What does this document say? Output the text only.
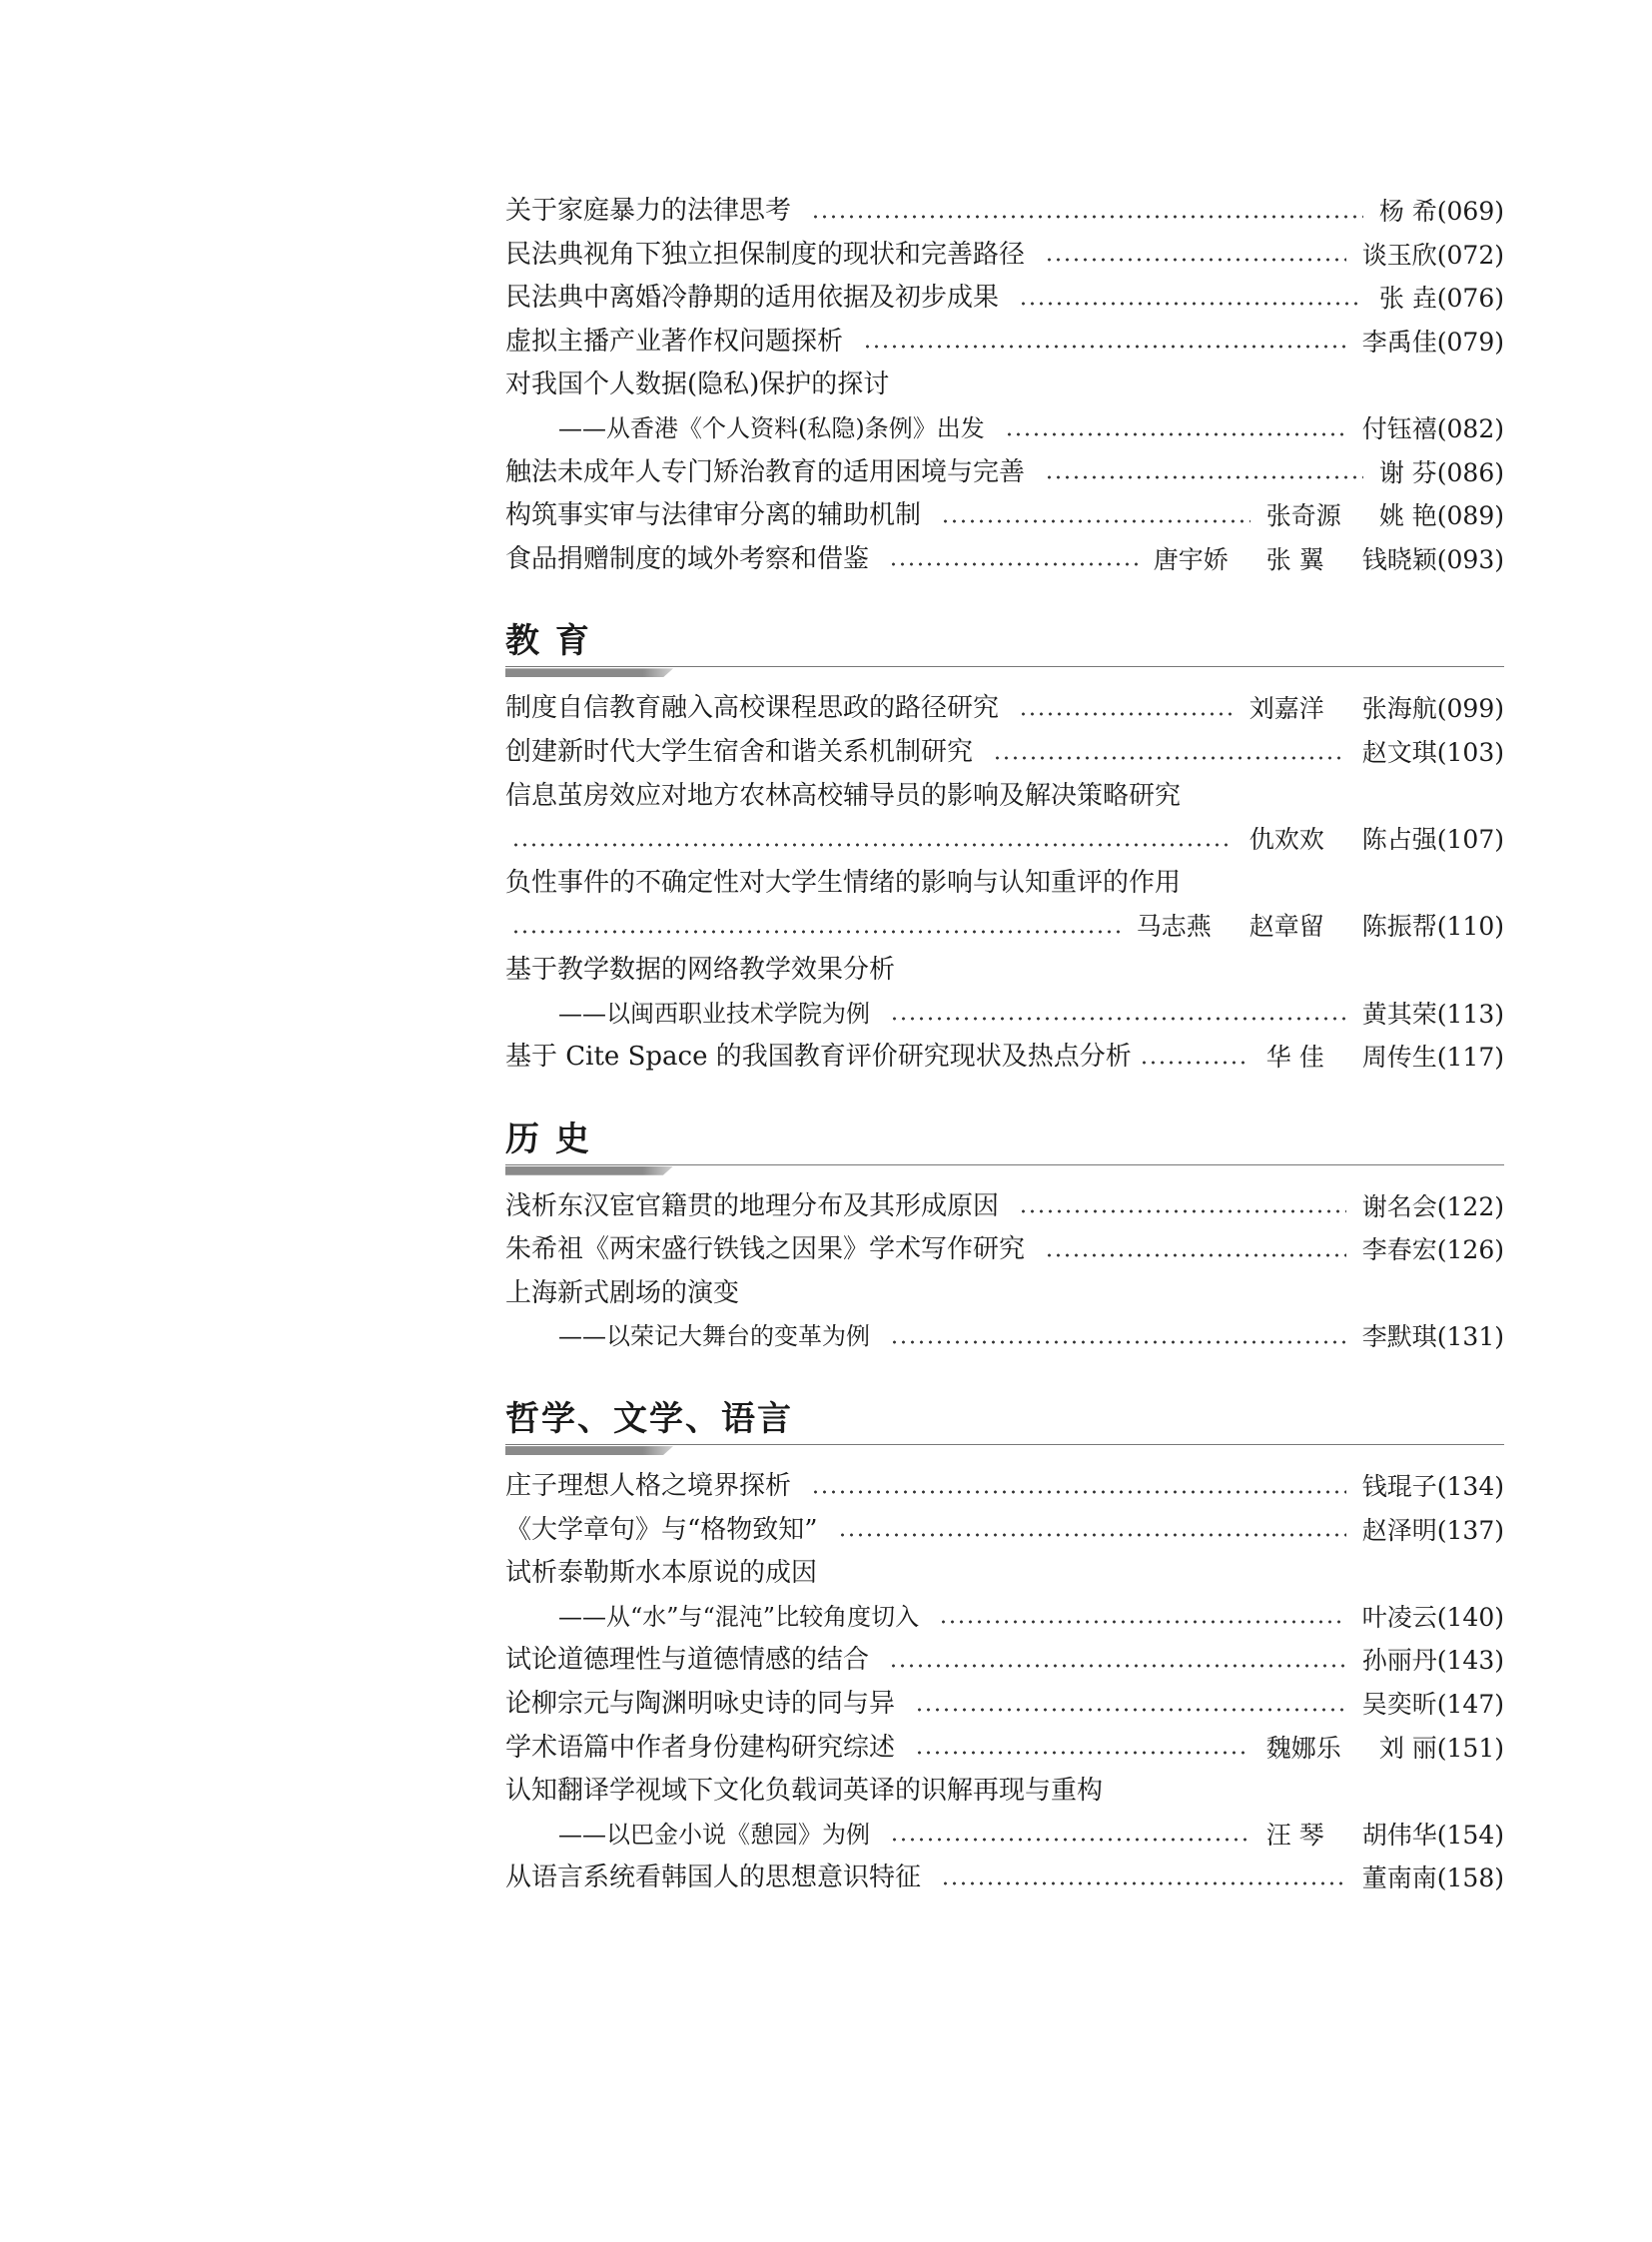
关于家庭暴力的法律思考	杨 希 (069)
民法典视角下独立担保制度的现状和完善路径	谈玉欣 (072)
民法典中离婚冷静期的适用依据及初步成果	张 垚 (076)
虚拟主播产业著作权问题探析	李禹佳 (079)
对我国个人数据(隐私)保护的探讨
——从香港《个人资料(私隐)条例》出发	付钰禧 (082)
触法未成年人专门矫治教育的适用困境与完善	谢 芬 (086)
构筑事实审与法律审分离的辅助机制	张奇源 姚 艳 (089)
食品捐赠制度的域外考察和借鉴	唐宇娇 张 翼 钱晓颖 (093)
教 育
制度自信教育融入高校课程思政的路径研究	刘嘉洋 张海航 (099)
创建新时代大学生宿舍和谐关系机制研究	赵文琪 (103)
信息茧房效应对地方农林高校辅导员的影响及解决策略研究
仇欢欢 陈占强 (107)
负性事件的不确定性对大学生情绪的影响与认知重评的作用
马志燕 赵章留 陈振帮 (110)
基于教学数据的网络教学效果分析
——以闽西职业技术学院为例	黄其荣 (113)
基于 Cite Space 的我国教育评价研究现状及热点分析	华 佳 周传生 (117)
历 史
浅析东汉宦官籍贯的地理分布及其形成原因	谢名会 (122)
朱希祖《两宋盛行铁钱之因果》学术写作研究	李春宏 (126)
上海新式剧场的演变
——以荣记大舞台的变革为例	李默琪 (131)
哲学、文学、语言
庄子理想人格之境界探析	钱琨子 (134)
《大学章句》与“格物致知”	赵泽明 (137)
试析泰勒斯水本原说的成因
——从“水”与“混沌”比较角度切入	叶凌云 (140)
试论道德理性与道德情感的结合	孙丽丹 (143)
论柳宗元与陶渊明咏史诗的同与异	吴奕昕 (147)
学术语篇中作者身份建构研究综述	魏娜乐 刘 丽 (151)
认知翻译学视域下文化负载词英译的识解再现与重构
——以巴金小说《憩园》为例	汪 琴 胡伟华 (154)
从语言系统看韩国人的思想意识特征	董南南 (158)
